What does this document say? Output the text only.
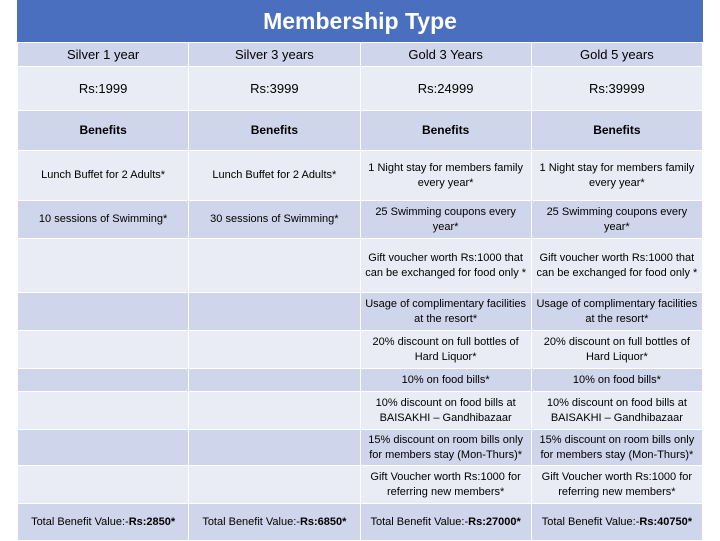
Membership Type
Silver 1 year	Silver 3 years	Gold 3 Years	Gold 5 years
Rs:1999	Rs:3999	Rs:24999	Rs:39999
Benefits	Benefits	Benefits	Benefits
Lunch Buffet for 2 Adults*	Lunch Buffet for 2 Adults*	1 Night stay for members family every year*	1 Night stay for members family every year*
10 sessions of Swimming*	30 sessions of Swimming*	25 Swimming coupons every year*	25 Swimming coupons every year*
		Gift voucher worth Rs:1000 that can be exchanged for food only *	Gift voucher worth Rs:1000 that can be exchanged for food only *
		Usage of complimentary facilities at the resort*	Usage of complimentary facilities at the resort*
		20% discount on full bottles of Hard Liquor*	20% discount on full bottles of Hard Liquor*
		10% on food bills*	10% on food bills*
		10% discount on food bills at BAISAKHI – Gandhibazaar	10% discount on food bills at BAISAKHI – Gandhibazaar
		15% discount on room bills only for members stay (Mon-Thurs)*	15% discount on room bills only for members stay (Mon-Thurs)*
		Gift Voucher worth Rs:1000 for referring new members*	Gift Voucher worth Rs:1000 for referring new members*
Total Benefit Value:-Rs:2850*	Total Benefit Value:-Rs:6850*	Total Benefit Value:-Rs:27000*	Total Benefit Value:-Rs:40750*
